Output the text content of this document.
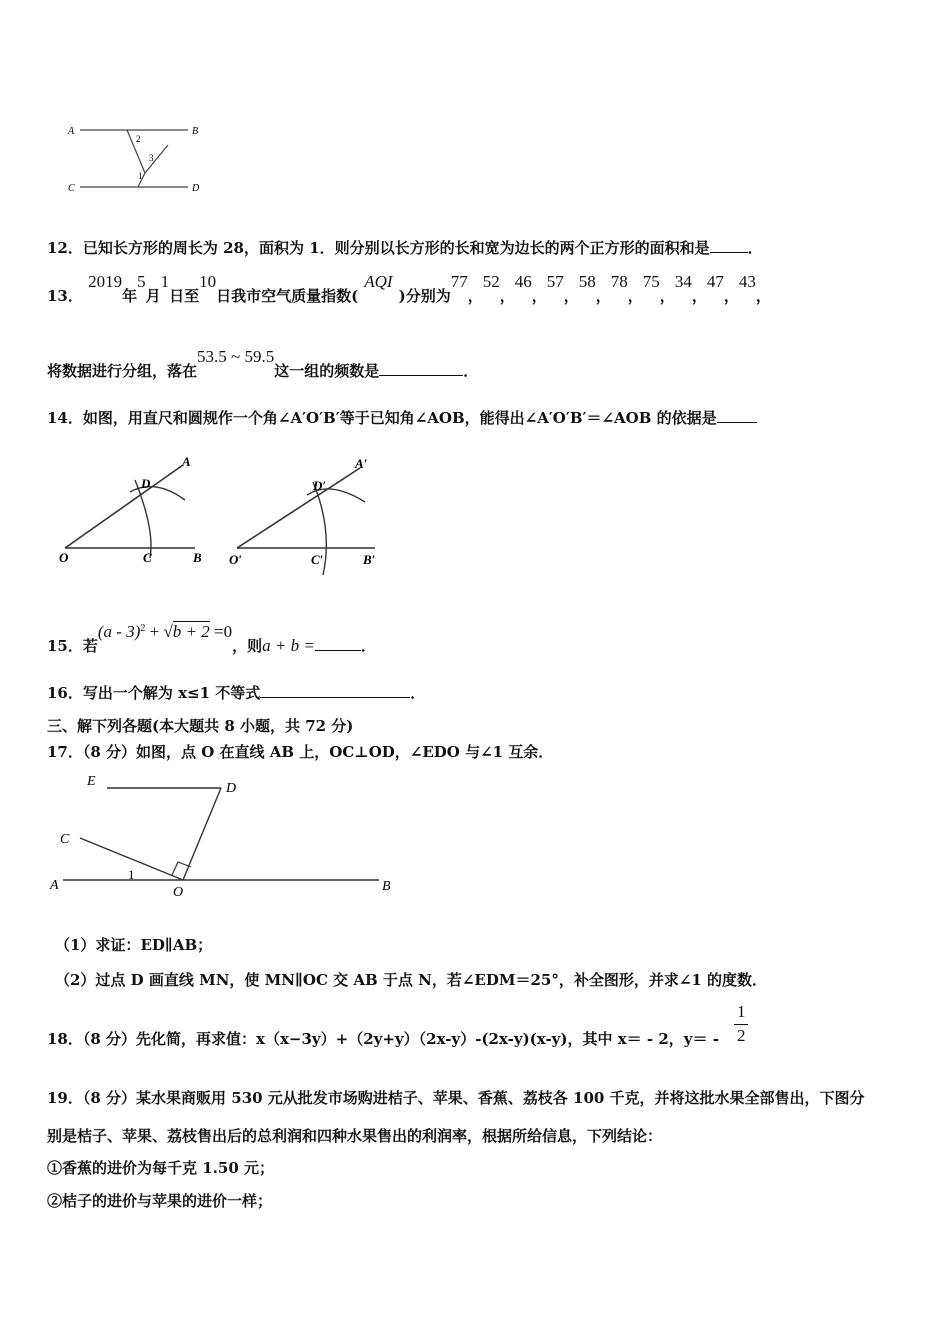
A	B
C	D
2
3
1
12．已知长方形的周长为 28，面积为 1．则分别以长方形的长和宽为边长的两个正方形的面积和是	．
13． 2019年5月1日至10日我市空气质量指数(AQI)分别为77，52，46，57，58，78，75，34，47，43，
将数据进行分组，落在53.5 ~ 59.5这一组的频数是	．
14．如图，用直尺和圆规作一个角∠A′O′B′等于已知角∠AOB，能得出∠A′O′B′＝∠AOB 的依据是
O	C	B
D
A
O′	C′	B′
D′
A′
15．若(a - 3)$^2$ + √b + 2 =0，则a + b =	．
16．写出一个解为 x≤1 不等式	．
三、解下列各题(本大题共 8 小题，共 72 分)
17．（8 分）如图，点 O 在直线 AB 上，OC⊥OD，∠EDO 与∠1 互余．
E	D
C
A	O	B
1
（1）求证：ED∥AB；
（2）过点 D 画直线 MN，使 MN∥OC 交 AB 于点 N，若∠EDM＝25°，补全图形，并求∠1 的度数．
18．（8 分）先化简，再求值：x（x−3y）+（2y+y）（2x-y）-(2x-y)(x-y)，其中 x＝ - 2，y＝ -
1
2
19．（8 分）某水果商贩用 530 元从批发市场购进桔子、苹果、香蕉、荔枝各 100 千克，并将这批水果全部售出，下图分
别是桔子、苹果、荔枝售出后的总利润和四种水果售出的利润率，根据所给信息，下列结论：
①香蕉的进价为每千克 1.50 元；
②桔子的进价与苹果的进价一样；
